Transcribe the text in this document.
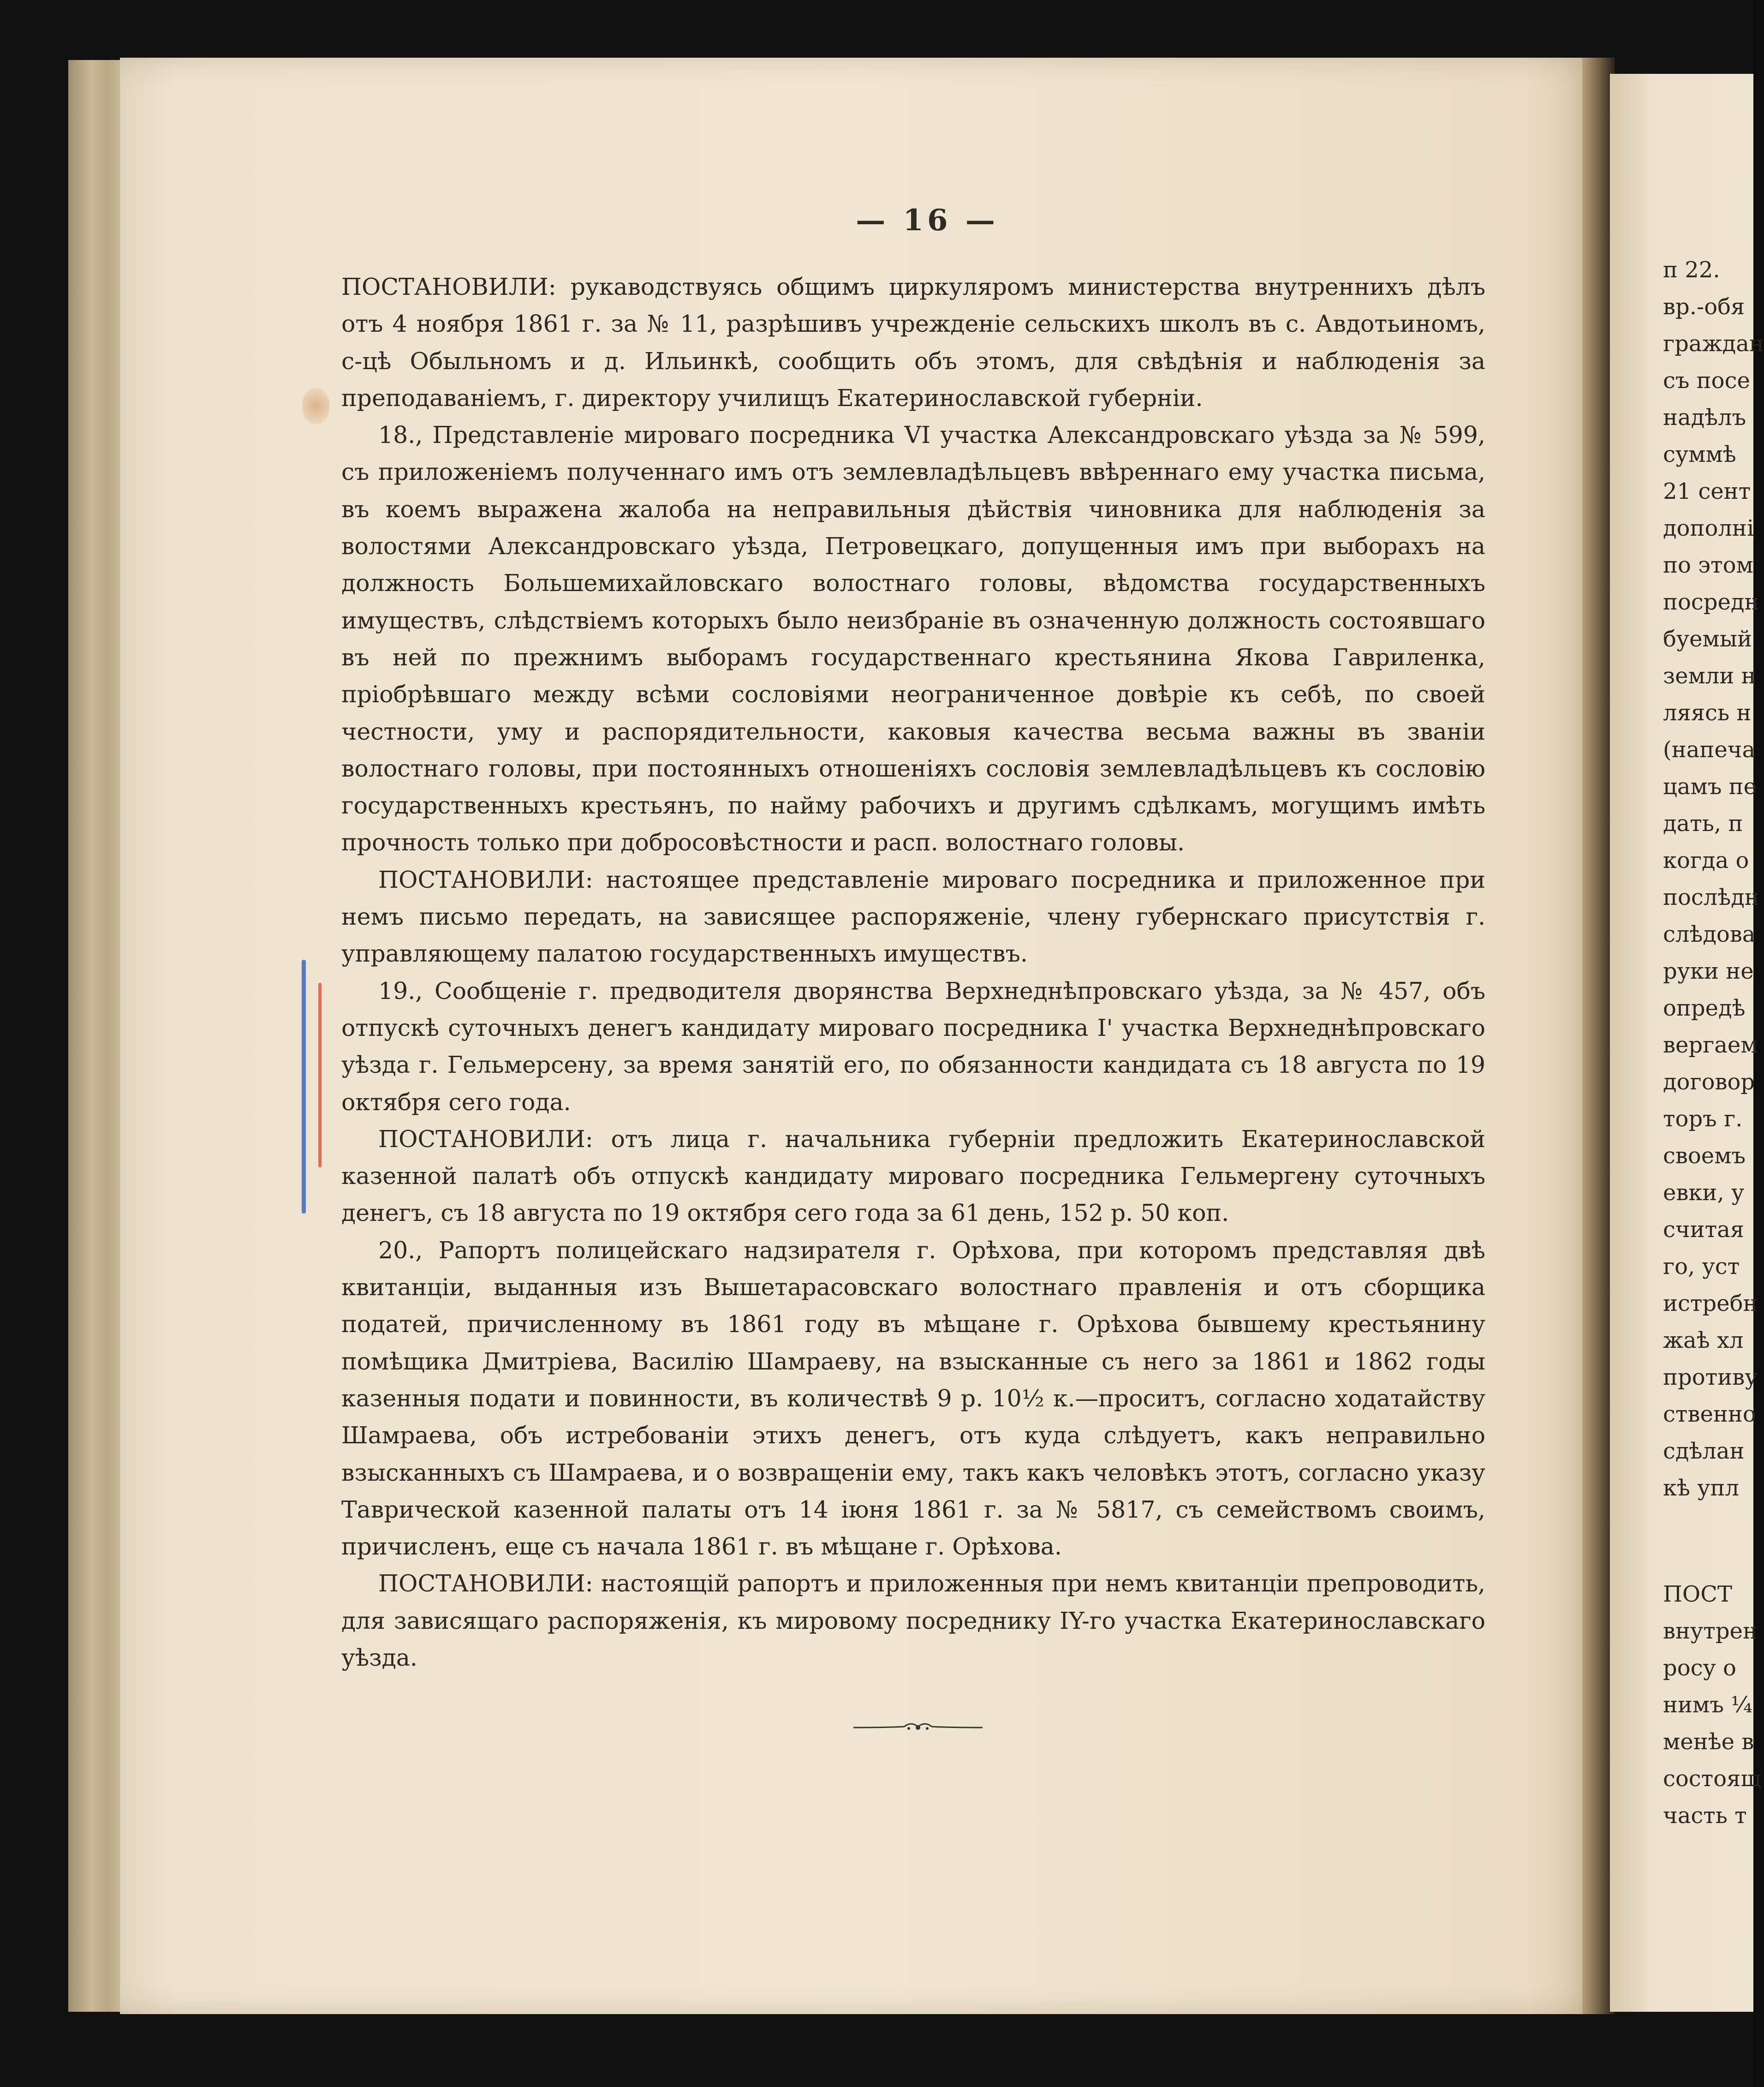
— 16 —

ПОСТАНОВИЛИ: рукаводствуясь общимъ циркуляромъ министерства внутреннихъ дѣлъ отъ 4 ноября 1861 г. за № 11, разрѣшивъ учрежденіе сельскихъ школъ въ с. Авдотьиномъ, с-цѣ Обыльномъ и д. Ильинкѣ, сообщить объ этомъ, для свѣдѣнія и наблюденія за преподаваніемъ, г. директору училищъ Екатеринославской губерніи.

18., Представленіе мироваго посредника VI участка Александровскаго уѣзда за № 599, съ приложеніемъ полученнаго имъ отъ землевладѣльцевъ ввѣреннаго ему участка письма, въ коемъ выражена жалоба на неправильныя дѣйствія чиновника для наблюденія за волостями Александровскаго уѣзда, Петровецкаго, допущенныя имъ при выборахъ на должность Большемихайловскаго волостнаго головы, вѣдомства государственныхъ имуществъ, слѣдствіемъ которыхъ было неизбраніе въ означенную должность состоявшаго въ ней по прежнимъ выборамъ государственнаго крестьянина Якова Гавриленка, пріобрѣвшаго между всѣми сословіями неограниченное довѣріе къ себѣ, по своей честности, уму и распорядительности, каковыя качества весьма важны въ званіи волостнаго головы, при постоянныхъ отношеніяхъ сословія землевладѣльцевъ къ сословію государственныхъ крестьянъ, по найму рабочихъ и другимъ сдѣлкамъ, могущимъ имѣть прочность только при добросовѣстности и расп. волостнаго головы.

ПОСТАНОВИЛИ: настоящее представленіе мироваго посредника и приложенное при немъ письмо передать, на зависящее распоряженіе, члену губернскаго присутствія г. управляющему палатою государственныхъ имуществъ.

19., Сообщеніе г. предводителя дворянства Верхнеднѣпровскаго уѣзда, за № 457, объ отпускѣ суточныхъ денегъ кандидату мироваго посредника I' участка Верхнеднѣпровскаго уѣзда г. Гельмерсену, за время занятій его, по обязанности кандидата съ 18 августа по 19 октября сего года.

ПОСТАНОВИЛИ: отъ лица г. начальника губерніи предложить Екатеринославской казенной палатѣ объ отпускѣ кандидату мироваго посредника Гельмергену суточныхъ денегъ, съ 18 августа по 19 октября сего года за 61 день, 152 р. 50 коп.

20., Рапортъ полицейскаго надзирателя г. Орѣхова, при которомъ представляя двѣ квитанціи, выданныя изъ Вышетарасовскаго волостнаго правленія и отъ сборщика податей, причисленному въ 1861 году въ мѣщане г. Орѣхова бывшему крестьянину помѣщика Дмитріева, Василію Шамраеву, на взысканные съ него за 1861 и 1862 годы казенныя подати и повинности, въ количествѣ 9 р. 10½ к.—проситъ, согласно ходатайству Шамраева, объ истребованіи этихъ денегъ, отъ куда слѣдуетъ, какъ неправильно взысканныхъ съ Шамраева, и о возвращеніи ему, такъ какъ человѣкъ этотъ, согласно указу Таврической казенной палаты отъ 14 іюня 1861 г. за № 5817, съ семействомъ своимъ, причисленъ, еще съ начала 1861 г. въ мѣщане г. Орѣхова.

ПОСТАНОВИЛИ: настоящій рапортъ и приложенныя при немъ квитанціи препроводить, для зависящаго распоряженія, къ мировому посреднику IY-го участка Екатеринославскаго уѣзда.

п 22.
вр.-обя
граждан
съ посе
надѣлъ
суммѣ
21 сент
дополні
по этом
посредн
буемый
земли н
ляясь н
(напеча
цамъ пе
дать, п
когда о
послѣдн
слѣдова
руки не
опредѣ
вергаем
договор
торъ г.
своемъ
евки, у
считая
го, уст
истребн
жаѣ хл
противу
ственно
сдѣлан
кѣ упл
ПОСТ
внутрен
росу о
нимъ ¹⁄₄
менѣе в
состоящ
часть т
